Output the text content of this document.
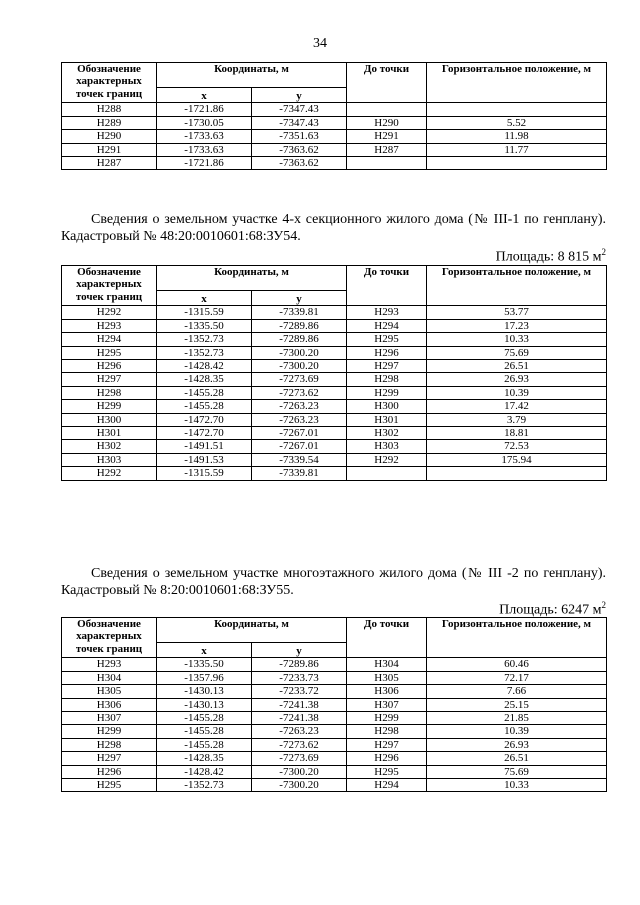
34
Обозначение характерных точек границ	Координаты, м		До точки	Горизонтальное положение, м
	x	y		
Н288	-1721.86	-7347.43		
Н289	-1730.05	-7347.43	Н290	5.52
Н290	-1733.63	-7351.63	Н291	11.98
Н291	-1733.63	-7363.62	Н287	11.77
Н287	-1721.86	-7363.62		
Сведения о земельном участке 4-х секционного жилого дома (№ III-1 по генплану). Кадастровый № 48:20:0010601:68:ЗУ54.
Площадь: 8 815 $м^2$
Обозначение характерных точек границ	Координаты, м		До точки	Горизонтальное положение, м
	x	y		
Н292	-1315.59	-7339.81	Н293	53.77
Н293	-1335.50	-7289.86	Н294	17.23
Н294	-1352.73	-7289.86	Н295	10.33
Н295	-1352.73	-7300.20	Н296	75.69
Н296	-1428.42	-7300.20	Н297	26.51
Н297	-1428.35	-7273.69	Н298	26.93
Н298	-1455.28	-7273.62	Н299	10.39
Н299	-1455.28	-7263.23	Н300	17.42
Н300	-1472.70	-7263.23	Н301	3.79
Н301	-1472.70	-7267.01	Н302	18.81
Н302	-1491.51	-7267.01	Н303	72.53
Н303	-1491.53	-7339.54	Н292	175.94
Н292	-1315.59	-7339.81		
Сведения о земельном участке многоэтажного жилого дома (№ III -2 по генплану). Кадастровый № 8:20:0010601:68:ЗУ55.
Площадь: 6247 $м^2$
Обозначение характерных точек границ	Координаты, м		До точки	Горизонтальное положение, м
	x	y		
Н293	-1335.50	-7289.86	Н304	60.46
Н304	-1357.96	-7233.73	Н305	72.17
Н305	-1430.13	-7233.72	Н306	7.66
Н306	-1430.13	-7241.38	Н307	25.15
Н307	-1455.28	-7241.38	Н299	21.85
Н299	-1455.28	-7263.23	Н298	10.39
Н298	-1455.28	-7273.62	Н297	26.93
Н297	-1428.35	-7273.69	Н296	26.51
Н296	-1428.42	-7300.20	Н295	75.69
Н295	-1352.73	-7300.20	Н294	10.33
